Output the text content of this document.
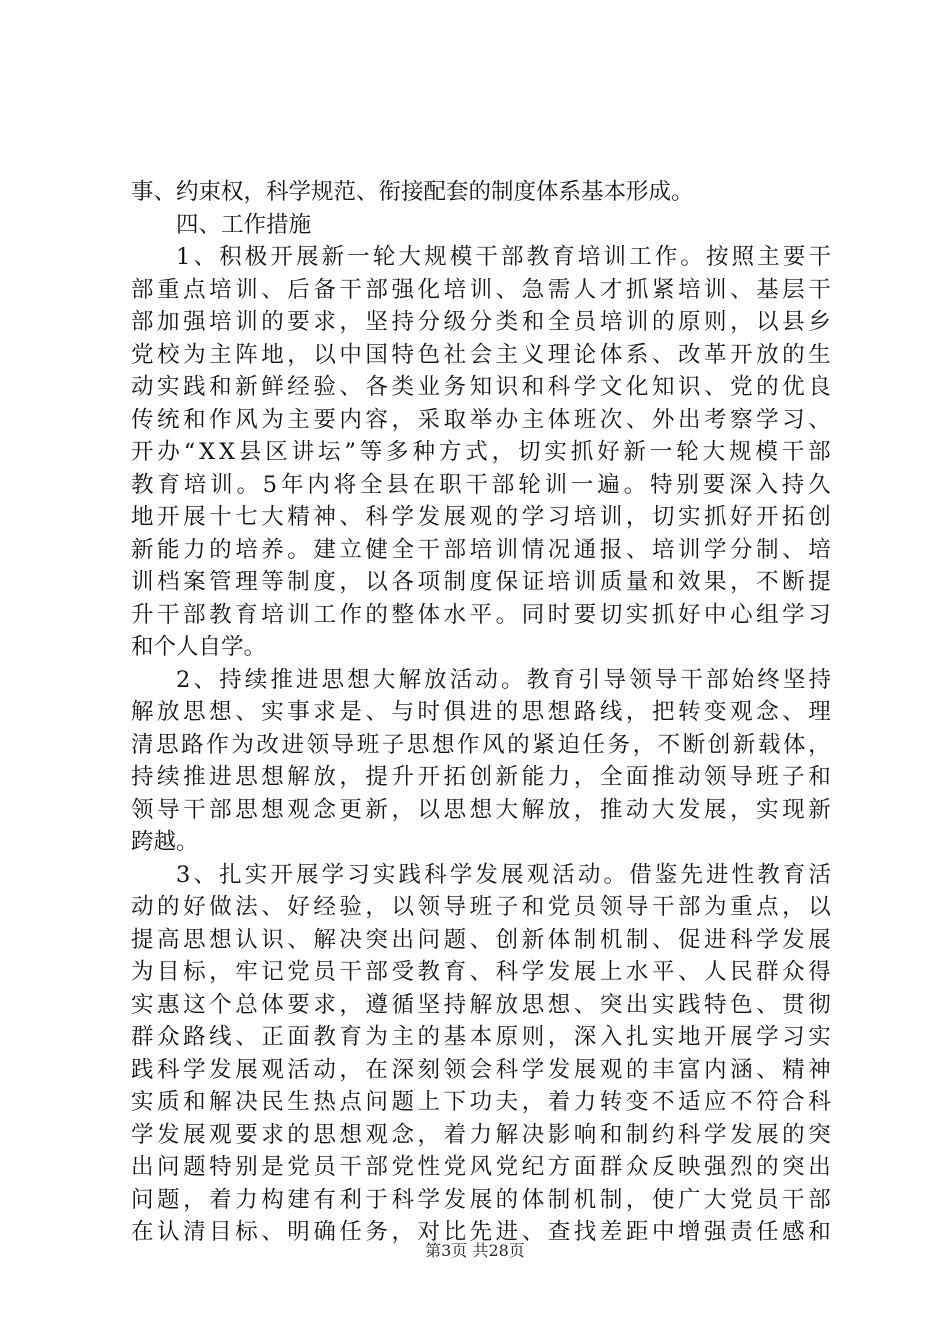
事、约束权，科学规范、衔接配套的制度体系基本形成。
四、工作措施
1 、 积 极 开 展 新 一 轮 大 规 模 干 部 教 育 培 训 工 作 。 按 照 主 要 干
部 重 点 培 训 、 后 备 干 部 强 化 培 训 、 急 需 人 才 抓 紧 培 训 、 基 层 干
部 加 强 培 训 的 要 求 ， 坚 持 分 级 分 类 和 全 员 培 训 的 原 则 ， 以 县 乡
党 校 为 主 阵 地 ， 以 中 国 特 色 社 会 主 义 理 论 体 系 、 改 革 开 放 的 生
动 实 践 和 新 鲜 经 验 、 各 类 业 务 知 识 和 科 学 文 化 知 识 、 党 的 优 良
传 统 和 作 风 为 主 要 内 容 ， 采 取 举 办 主 体 班 次 、 外 出 考 察 学 习 、
开 办 “ X X 县 区 讲 坛 ” 等 多 种 方 式 ， 切 实 抓 好 新 一 轮 大 规 模 干 部
教 育 培 训 。 5 年 内 将 全 县 在 职 干 部 轮 训 一 遍 。 特 别 要 深 入 持 久
地 开 展 十 七 大 精 神 、 科 学 发 展 观 的 学 习 培 训 ， 切 实 抓 好 开 拓 创
新 能 力 的 培 养 。 建 立 健 全 干 部 培 训 情 况 通 报 、 培 训 学 分 制 、 培
训 档 案 管 理 等 制 度 ， 以 各 项 制 度 保 证 培 训 质 量 和 效 果 ， 不 断 提
升 干 部 教 育 培 训 工 作 的 整 体 水 平 。 同 时 要 切 实 抓 好 中 心 组 学 习
和个人自学。
2 、 持 续 推 进 思 想 大 解 放 活 动 。 教 育 引 导 领 导 干 部 始 终 坚 持
解 放 思 想 、 实 事 求 是 、 与 时 俱 进 的 思 想 路 线 ， 把 转 变 观 念 、 理
清 思 路 作 为 改 进 领 导 班 子 思 想 作 风 的 紧 迫 任 务 ， 不 断 创 新 载 体 ，
持 续 推 进 思 想 解 放 ， 提 升 开 拓 创 新 能 力 ， 全 面 推 动 领 导 班 子 和
领 导 干 部 思 想 观 念 更 新 ， 以 思 想 大 解 放 ， 推 动 大 发 展 ， 实 现 新
跨越。
3 、 扎 实 开 展 学 习 实 践 科 学 发 展 观 活 动 。 借 鉴 先 进 性 教 育 活
动 的 好 做 法 、 好 经 验 ， 以 领 导 班 子 和 党 员 领 导 干 部 为 重 点 ， 以
提 高 思 想 认 识 、 解 决 突 出 问 题 、 创 新 体 制 机 制 、 促 进 科 学 发 展
为 目 标 ， 牢 记 党 员 干 部 受 教 育 、 科 学 发 展 上 水 平 、 人 民 群 众 得
实 惠 这 个 总 体 要 求 ， 遵 循 坚 持 解 放 思 想 、 突 出 实 践 特 色 、 贯 彻
群 众 路 线 、 正 面 教 育 为 主 的 基 本 原 则 ， 深 入 扎 实 地 开 展 学 习 实
践 科 学 发 展 观 活 动 ， 在 深 刻 领 会 科 学 发 展 观 的 丰 富 内 涵 、 精 神
实 质 和 解 决 民 生 热 点 问 题 上 下 功 夫 ， 着 力 转 变 不 适 应 不 符 合 科
学 发 展 观 要 求 的 思 想 观 念 ， 着 力 解 决 影 响 和 制 约 科 学 发 展 的 突
出 问 题 特 别 是 党 员 干 部 党 性 党 风 党 纪 方 面 群 众 反 映 强 烈 的 突 出
问 题 ， 着 力 构 建 有 利 于 科 学 发 展 的 体 制 机 制 ， 使 广 大 党 员 干 部
在 认 清 目 标 、 明 确 任 务 ， 对 比 先 进 、 查 找 差 距 中 增 强 责 任 感 和
第3页 共28页
